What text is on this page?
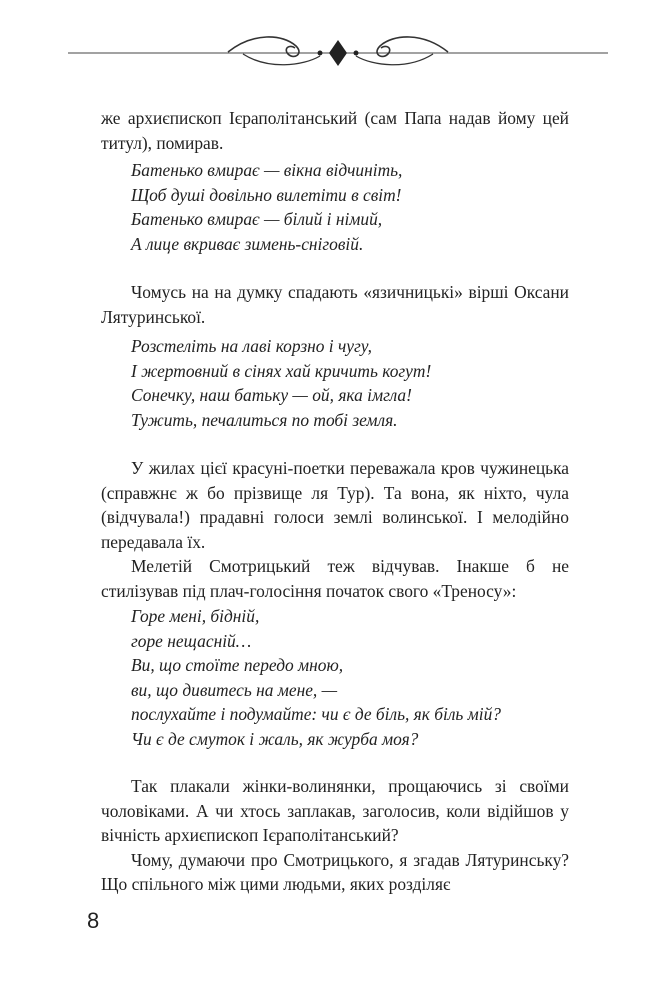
же архиєпископ Ієраполітанський (сам Папа надав йому цей титул), помирав.

Батенько вмирає — вікна відчиніть,
Щоб душі довільно вилетіти в світ!
Батенько вмирає — білий і німий,
А лице вкриває зимень-сніговій.

Чомусь на на думку спадають «язичницькі» вірші Оксани Лятуринської.

Розстеліть на лаві корзно і чугу,
І жертовний в сінях хай кричить когут!
Сонечку, наш батьку — ой, яка імгла!
Тужить, печалиться по тобі земля.

У жилах цієї красуні-поетки переважала кров чужинецька (справжнє ж бо прізвище ля Тур). Та вона, як ніхто, чула (відчувала!) прадавні голоси землі волинської. І мелодійно передавала їх.

Мелетій Смотрицький теж відчував. Інакше б не стилізував під плач-голосіння початок свого «Треносу»:

Горе мені, бідній,
горе нещасній…
Ви, що стоїте передо мною,
ви, що дивитесь на мене, —
послухайте і подумайте: чи є де біль, як біль мій?
Чи є де смуток і жаль, як журба моя?

Так плакали жінки-волинянки, прощаючись зі своїми чоловіками. А чи хтось заплакав, заголосив, коли відійшов у вічність архиєпископ Ієраполітанський?

Чому, думаючи про Смотрицького, я згадав Лятуринську? Що спільного між цими людьми, яких розділяє

8
